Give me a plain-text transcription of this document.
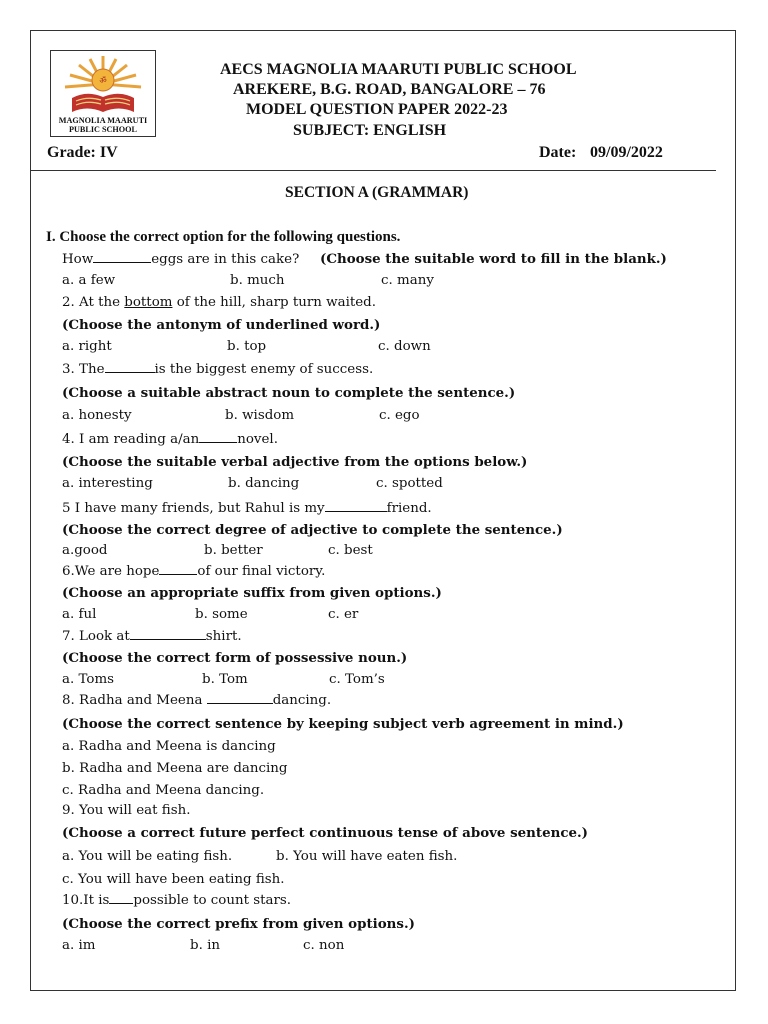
ॐ
MAGNOLIA MAARUTI
PUBLIC SCHOOL
AECS MAGNOLIA MAARUTI PUBLIC SCHOOL
AREKERE, B.G. ROAD, BANGALORE – 76
MODEL QUESTION PAPER 2022-23
SUBJECT: ENGLISH
Grade: IV	Date: 09/09/2022
SECTION A (GRAMMAR)
I. Choose the correct option for the following questions.
How	eggs are in this cake? (Choose the suitable word to fill in the blank.)
a. a few	b. much	c. many
2. At the bottom of the hill, sharp turn waited.
(Choose the antonym of underlined word.)
a. right	b. top	c. down
3. The	is the biggest enemy of success.
(Choose a suitable abstract noun to complete the sentence.)
a. honesty	b. wisdom	c. ego
4. I am reading a/an	novel.
(Choose the suitable verbal adjective from the options below.)
a. interesting	b. dancing	c. spotted
5 I have many friends, but Rahul is my	friend.
(Choose the correct degree of adjective to complete the sentence.)
a.good	b. better	c. best
6.We are hope	of our final victory.
(Choose an appropriate suffix from given options.)
a. ful	b. some	c. er
7. Look at	shirt.
(Choose the correct form of possessive noun.)
a. Toms	b. Tom	c. Tom’s
8. Radha and Meena	dancing.
(Choose the correct sentence by keeping subject verb agreement in mind.)
a. Radha and Meena is dancing
b. Radha and Meena are dancing
c. Radha and Meena dancing.
9. You will eat fish.
(Choose a correct future perfect continuous tense of above sentence.)
a. You will be eating fish.	b. You will have eaten fish.
c. You will have been eating fish.
10.It is possible to count stars.
(Choose the correct prefix from given options.)
a. im	b. in	c. non
